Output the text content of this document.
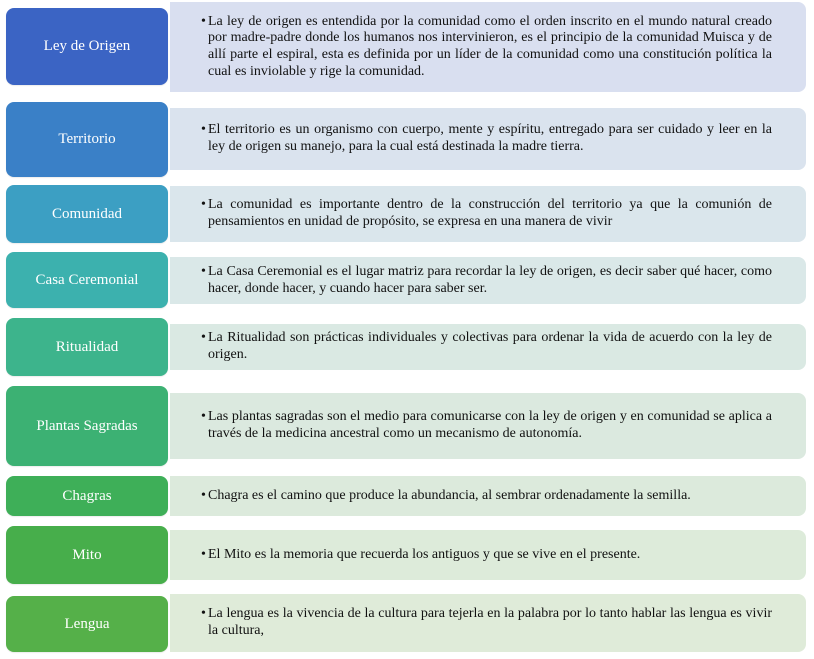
Ley de Origen
• La ley de origen es entendida por la comunidad como el orden inscrito en el mundo natural creado por madre-padre donde los humanos nos intervinieron, es el principio de la comunidad Muisca y de allí parte el espiral, esta es definida por un líder de la comunidad como una constitución política la cual es inviolable y rige la comunidad.
Territorio
• El territorio es un organismo con cuerpo, mente y espíritu, entregado para ser cuidado y leer en la ley de origen su manejo, para la cual está destinada la madre tierra.
Comunidad
• La comunidad es importante dentro de la construcción del territorio ya que la comunión de pensamientos en unidad de propósito, se expresa en una manera de vivir
Casa Ceremonial
• La Casa Ceremonial es el lugar matriz para recordar la ley de origen, es decir saber qué hacer, como hacer, donde hacer, y cuando hacer para saber ser.
Ritualidad
• La Ritualidad son prácticas individuales y colectivas para ordenar la vida de acuerdo con la ley de origen.
Plantas Sagradas
• Las plantas sagradas son el medio para comunicarse con la ley de origen y en comunidad se aplica a través de la medicina ancestral como un mecanismo de autonomía.
Chagras	• Chagra es el camino que produce la abundancia, al sembrar ordenadamente la semilla.
Mito	• El Mito es la memoria que recuerda los antiguos y que se vive en el presente.
Lengua
• La lengua es la vivencia de la cultura para tejerla en la palabra por lo tanto hablar las lengua es vivir la cultura,
